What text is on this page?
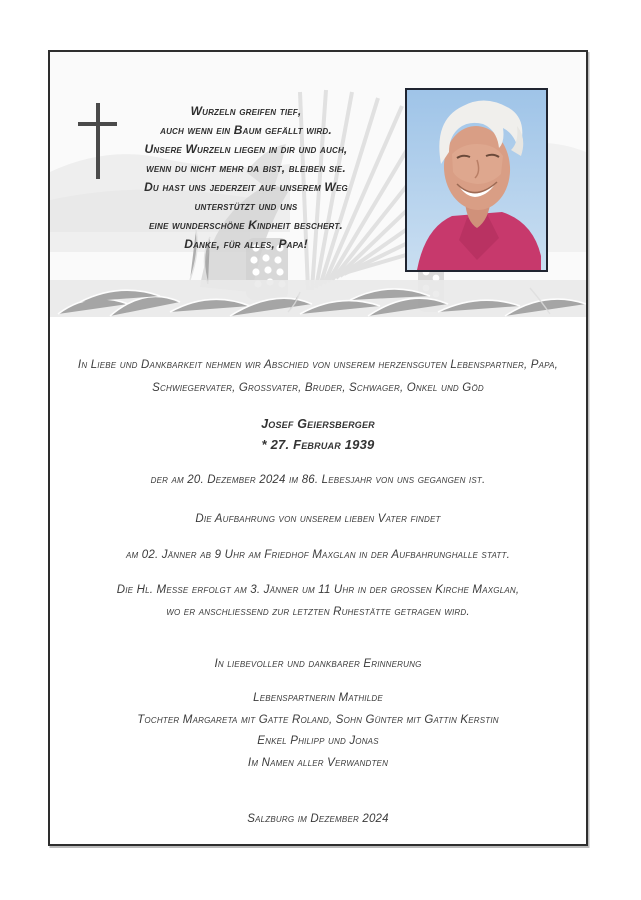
Wurzeln greifen tief,
auch wenn ein Baum gefällt wird.
Unsere Wurzeln liegen in dir und auch,
wenn du nicht mehr da bist, bleiben sie.
Du hast uns jederzeit auf unserem Weg
unterstützt und uns
eine wunderschöne Kindheit beschert.
Danke, für alles, Papa!
In Liebe und Dankbarkeit nehmen wir Abschied von unserem herzensguten Lebenspartner, Papa,
Schwiegervater, Grossvater, Bruder, Schwager, Onkel und Göd
Josef Geiersberger
* 27. Februar 1939
der am 20. Dezember 2024 im 86. Lebesjahr von uns gegangen ist.
Die Aufbahrung von unserem lieben Vater findet
am 02. Jänner ab 9 Uhr am Friedhof Maxglan in der Aufbahrunghalle statt.
Die Hl. Messe erfolgt am 3. Jänner um 11 Uhr in der grossen Kirche Maxglan,
wo er anschliessend zur letzten Ruhestätte getragen wird.
In liebevoller und dankbarer Erinnerung
Lebenspartnerin Mathilde
Tochter Margareta mit Gatte Roland, Sohn Günter mit Gattin Kerstin
Enkel Philipp und Jonas
Im Namen aller Verwandten
Salzburg im Dezember 2024
